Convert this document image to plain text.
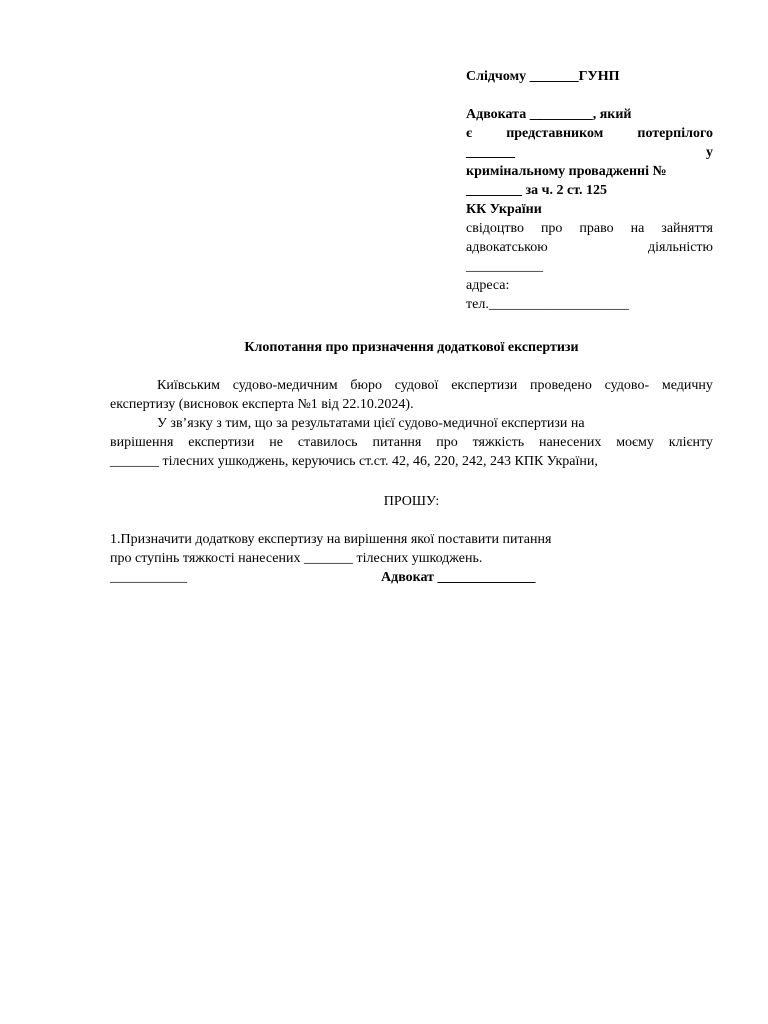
Слідчому _______ГУНП
Адвоката _________, який
є представником потерпілого
_______	у
кримінальному провадженні №
________ за ч. 2 ст. 125
КК України
свідоцтво про право на зайняття
адвокатською	діяльністю
___________
адреса:
тел.____________________
Клопотання про призначення додаткової експертизи
Київським судово-медичним бюро судової експертизи проведено судово- медичну
експертизу (висновок експерта №1 від 22.10.2024).
У зв’язку з тим, що за результатами цієї судово-медичної експертизи на
вирішення експертизи не ставилось питання про тяжкість нанесених моєму клієнту
_______ тілесних ушкоджень, керуючись ст.ст. 42, 46, 220, 242, 243 КПК України,
ПРОШУ:
1.Призначити додаткову експертизу на вирішення якої поставити питання
про ступінь тяжкості нанесених _______ тілесних ушкоджень.
___________	Адвокат ______________
